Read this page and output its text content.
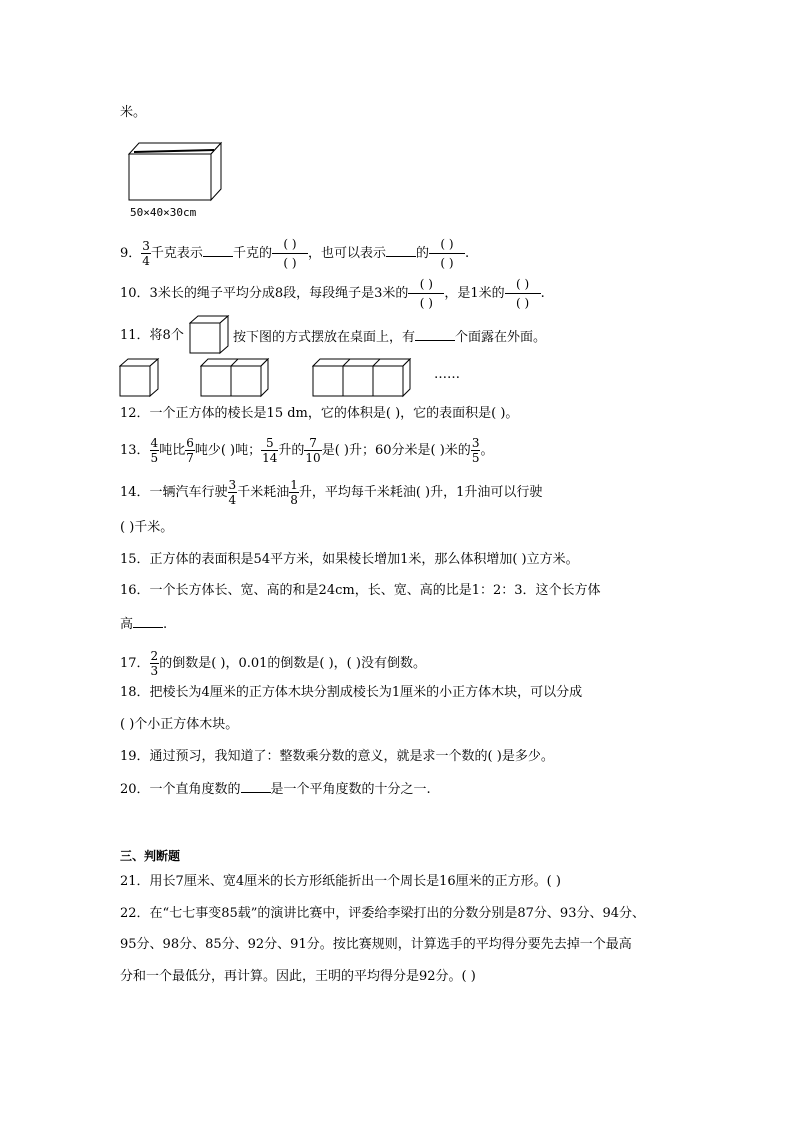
米。
50×40×30cm
9． $\frac{3}{4}$ 千克表示 千克的 $\frac{( )}{( )}$ ，也可以表示 的 $\frac{( )}{( )}$ .
10．3米长的绳子平均分成8段，每段绳子是3米的 $\frac{( )}{( )}$ ，是1米的 $\frac{( )}{( )}$ .
11．将8个	按下图的方式摆放在桌面上，有	个面露在外面。
……
12．一个正方体的棱长是15 dm，它的体积是( )，它的表面积是( )。
13． $\frac{4}{5}$ 吨比 $\frac{6}{7}$ 吨少( )吨； $\frac{5}{14}$ 升的 $\frac{7}{10}$ 是( )升；60分米是( )米的 $\frac{3}{5}$ 。
14．一辆汽车行驶 $\frac{3}{4}$ 千米耗油 $\frac{1}{8}$ 升，平均每千米耗油( )升，1升油可以行驶
( )千米。
15．正方体的表面积是54平方米，如果棱长增加1米，那么体积增加( )立方米。
16．一个长方体长、宽、高的和是24cm，长、宽、高的比是1：2：3．这个长方体
高 .
17． $\frac{2}{3}$ 的倒数是( )，0.01的倒数是( )，( )没有倒数。
18．把棱长为4厘米的正方体木块分割成棱长为1厘米的小正方体木块，可以分成
( )个小正方体木块。
19．通过预习，我知道了：整数乘分数的意义，就是求一个数的( )是多少。
20．一个直角度数的 是一个平角度数的十分之一.
三、判断题
21．用长7厘米、宽4厘米的长方形纸能折出一个周长是16厘米的正方形。( )
22．在“七七事变85载”的演讲比赛中，评委给李梁打出的分数分别是87分、93分、94分、
95分、98分、85分、92分、91分。按比赛规则，计算选手的平均得分要先去掉一个最高
分和一个最低分，再计算。因此，王明的平均得分是92分。( )
